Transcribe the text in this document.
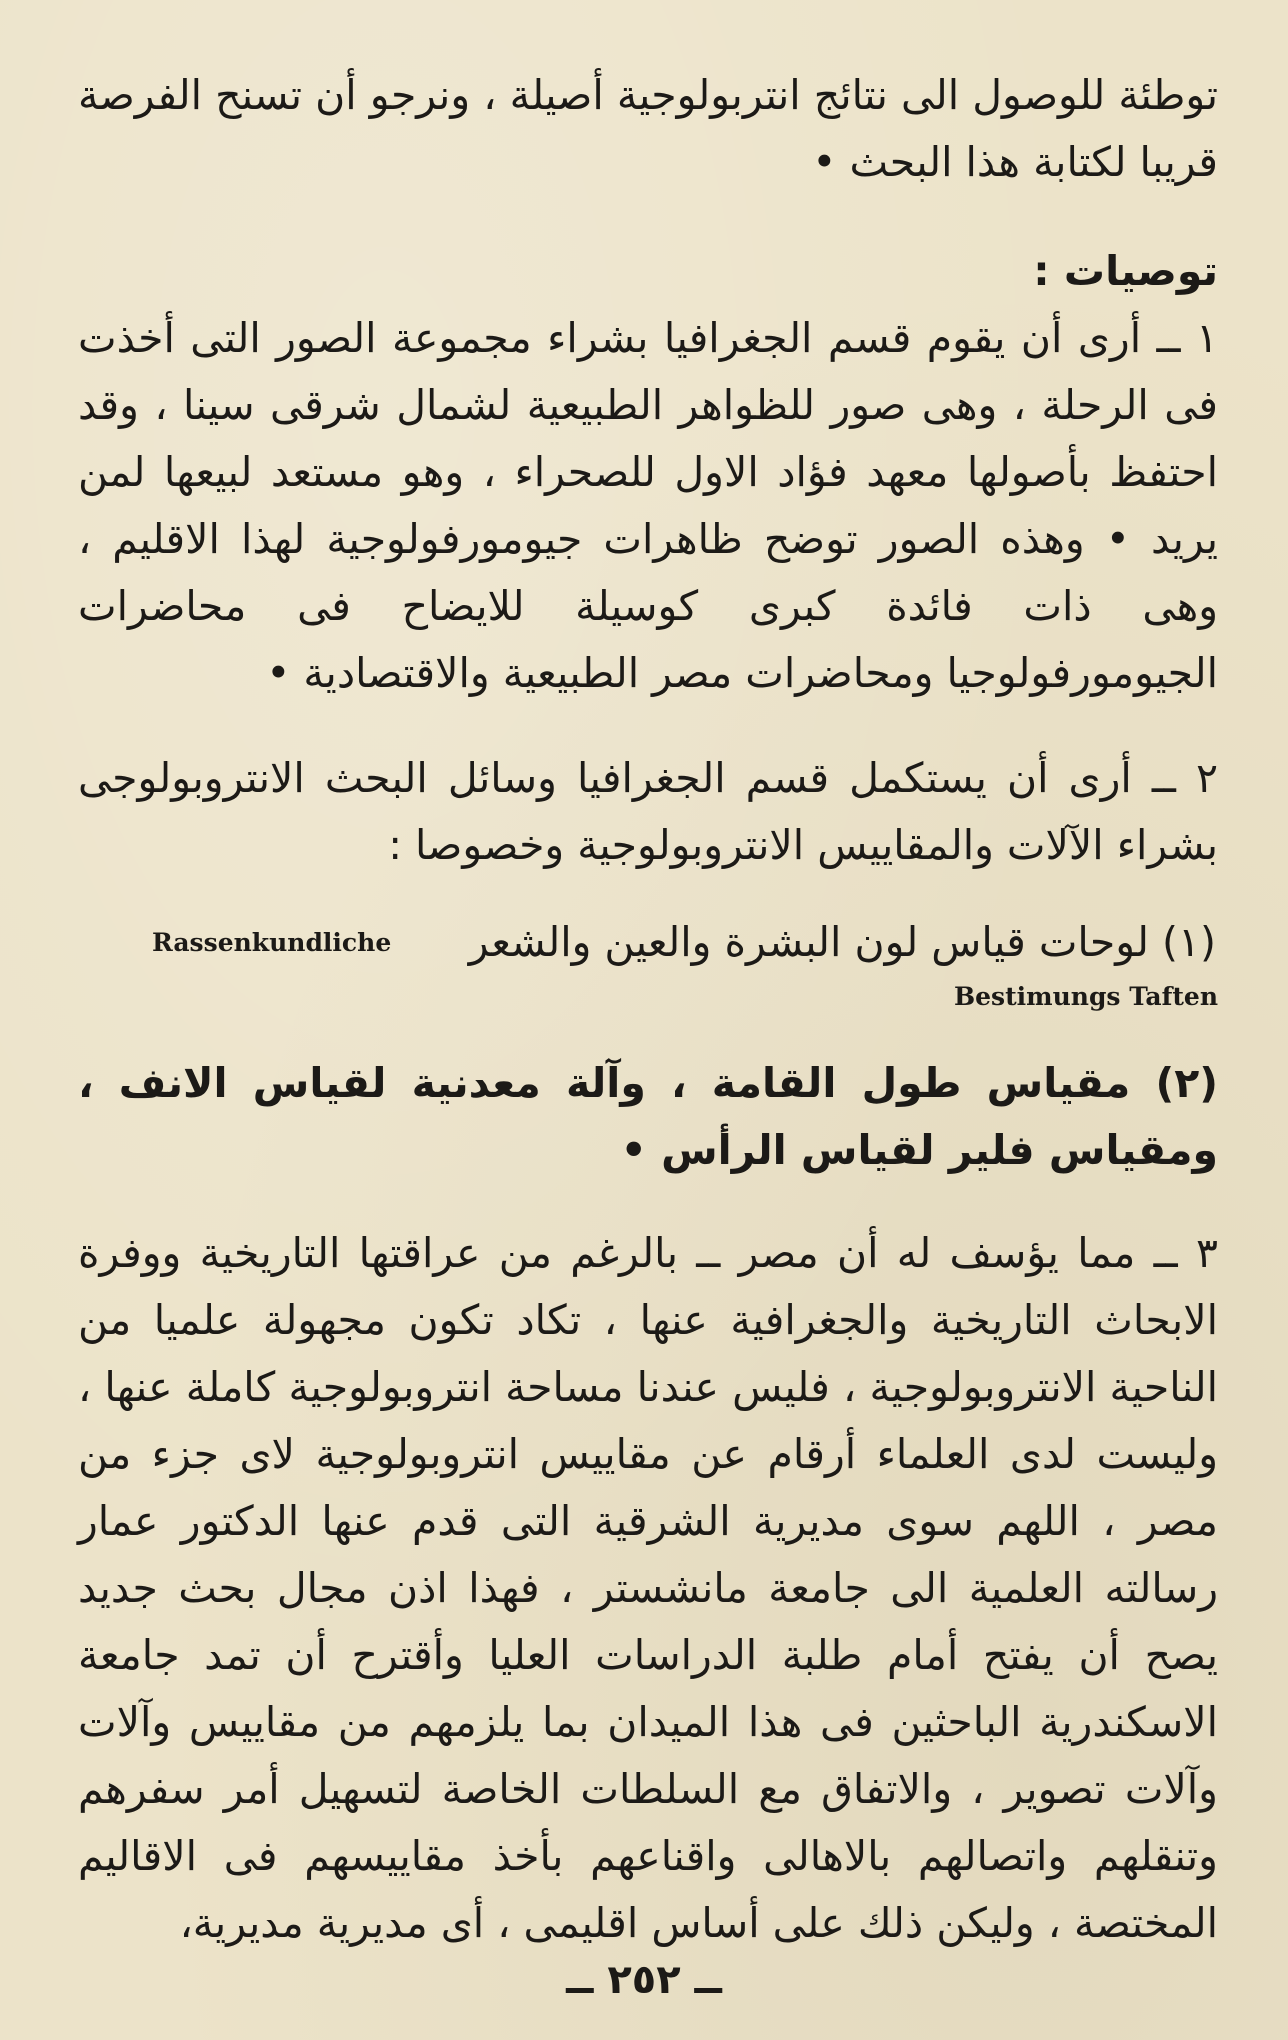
توطئة للوصول الى نتائج انتربولوجية أصيلة ، ونرجو أن تسنح الفرصة قريبا لكتابة هذا البحث •

توصيات :

١ ــ أرى أن يقوم قسم الجغرافيا بشراء مجموعة الصور التى أخذت فى الرحلة ، وهى صور للظواهر الطبيعية لشمال شرقى سينا ، وقد احتفظ بأصولها معهد فؤاد الاول للصحراء ، وهو مستعد لبيعها لمن يريد • وهذه الصور توضح ظاهرات جيومورفولوجية لهذا الاقليم ، وهى ذات فائدة كبرى كوسيلة للايضاح فى محاضرات الجيومورفولوجيا ومحاضرات مصر الطبيعية والاقتصادية •

٢ ــ أرى أن يستكمل قسم الجغرافيا وسائل البحث الانتروبولوجى بشراء الآلات والمقاييس الانتروبولوجية وخصوصا :

(١) لوحات قياس لون البشرة والعين والشعر

Rassenkundliche

Bestimungs Taften

(٢) مقياس طول القامة ، وآلة معدنية لقياس الانف ، ومقياس فلير لقياس الرأس •

٣ ــ مما يؤسف له أن مصر ــ بالرغم من عراقتها التاريخية ووفرة الابحاث التاريخية والجغرافية عنها ، تكاد تكون مجهولة علميا من الناحية الانتروبولوجية ، فليس عندنا مساحة انتروبولوجية كاملة عنها ، وليست لدى العلماء أرقام عن مقاييس انتروبولوجية لاى جزء من مصر ، اللهم سوى مديرية الشرقية التى قدم عنها الدكتور عمار رسالته العلمية الى جامعة مانشستر ، فهذا اذن مجال بحث جديد يصح أن يفتح أمام طلبة الدراسات العليا وأقترح أن تمد جامعة الاسكندرية الباحثين فى هذا الميدان بما يلزمهم من مقاييس وآلات وآلات تصوير ، والاتفاق مع السلطات الخاصة لتسهيل أمر سفرهم وتنقلهم واتصالهم بالاهالى واقناعهم بأخذ مقاييسهم فى الاقاليم المختصة ، وليكن ذلك على أساس اقليمى ، أى مديرية مديرية،

ــ ٢٥٢ ــ
